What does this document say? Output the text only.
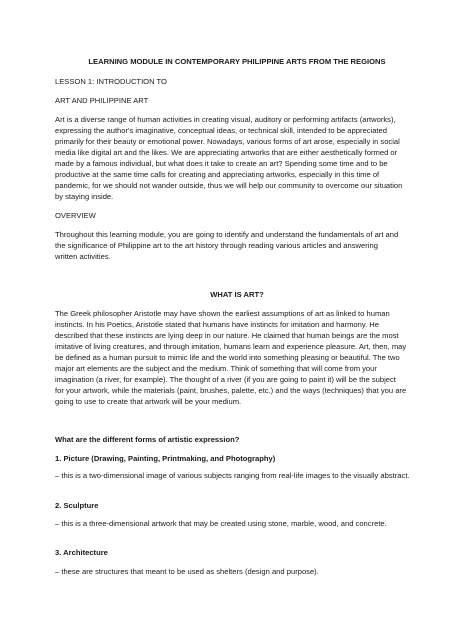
LEARNING MODULE IN CONTEMPORARY PHILIPPINE ARTS FROM THE REGIONS
LESSON 1: INTRODUCTION TO
ART AND PHILIPPINE ART
Art is a diverse range of human activities in creating visual, auditory or performing artifacts (artworks),
expressing the author's imaginative, conceptual ideas, or technical skill, intended to be appreciated
primarily for their beauty or emotional power. Nowadays, various forms of art arose, especially in social
media like digital art and the likes. We are appreciating artworks that are either aesthetically formed or
made by a famous individual, but what does it take to create an art? Spending some time and to be
productive at the same time calls for creating and appreciating artworks, especially in this time of
pandemic, for we should not wander outside, thus we will help our community to overcome our situation
by staying inside.
OVERVIEW
Throughout this learning module, you are going to identify and understand the fundamentals of art and
the significance of Philippine art to the art history through reading various articles and answering
written activities.
WHAT IS ART?
The Greek philosopher Aristotle may have shown the earliest assumptions of art as linked to human
instincts. In his Poetics, Aristotle stated that humans have instincts for imitation and harmony. He
described that these instincts are lying deep in our nature. He claimed that human beings are the most
imitative of living creatures, and through imitation, humans learn and experience pleasure. Art, then, may
be defined as a human pursuit to mimic life and the world into something pleasing or beautiful. The two
major art elements are the subject and the medium. Think of something that will come from your
imagination (a river, for example). The thought of a river (if you are going to paint it) will be the subject
for your artwork, while the materials (paint, brushes, palette, etc.) and the ways (techniques) that you are
going to use to create that artwork will be your medium.
What are the different forms of artistic expression?
1. Picture (Drawing, Painting, Printmaking, and Photography)
– this is a two-dimensional image of various subjects ranging from real-life images to the visually abstract.
2. Sculpture
– this is a three-dimensional artwork that may be created using stone, marble, wood, and concrete.
3. Architecture
– these are structures that meant to be used as shelters (design and purpose).
